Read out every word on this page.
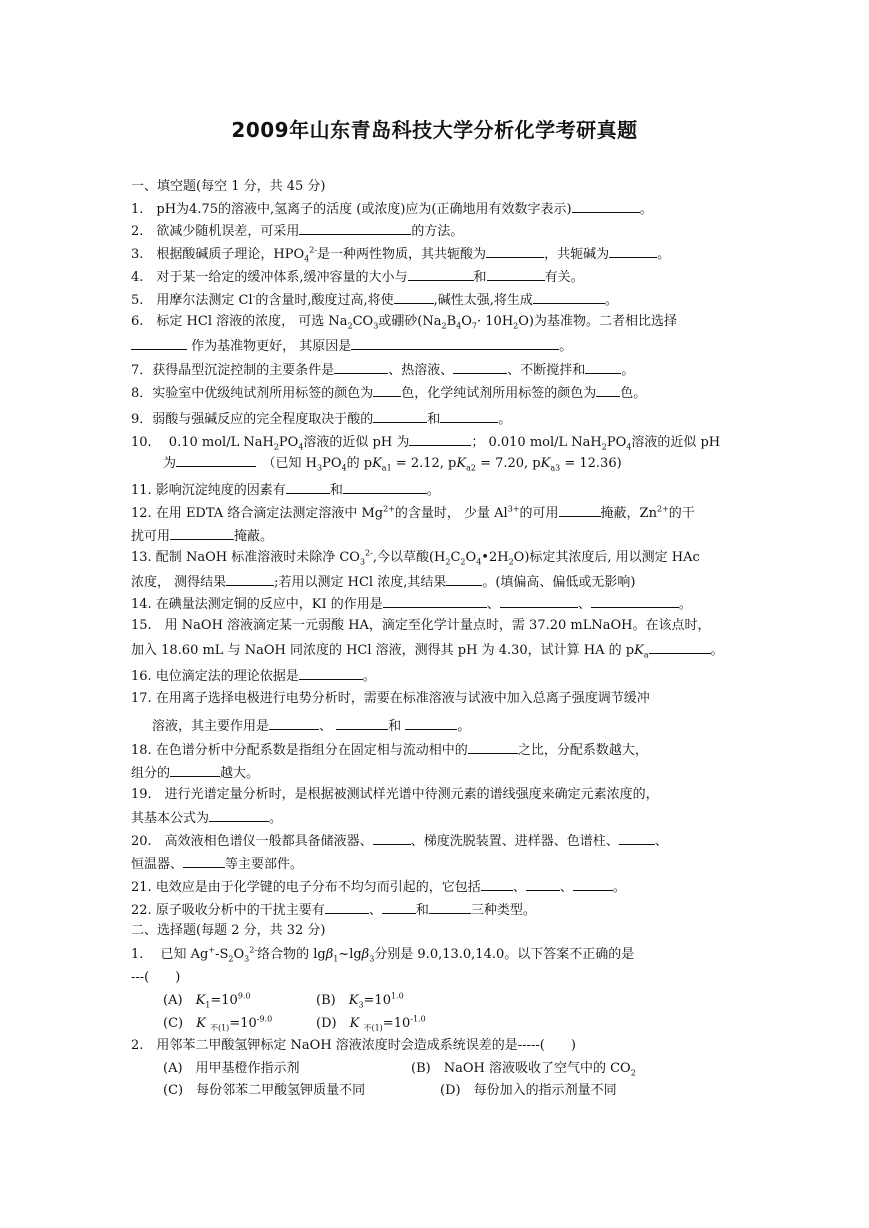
2009年山东青岛科技大学分析化学考研真题
一、填空题(每空 1 分，共 45 分)
1.　pH为4.75的溶液中,氢离子的活度 (或浓度)应为(正确地用有效数字表示)	。
2.　欲减少随机误差，可采用	的方法。
3.　根据酸碱质子理论，$HPO_4^{2-}$是一种两性物质，其共轭酸为	，共轭碱为	。
4.　对于某一给定的缓冲体系,缓冲容量的大小与	和	有关。
5.　用摩尔法测定 Cl-的含量时,酸度过高,将使	,碱性太强,将生成	。
6.　标定 HCl 溶液的浓度， 可选 $Na_2CO_3$或硼砂$(Na_2B_4O_7\cdot 10H_2O)$为基准物。二者相比选择
作为基准物更好， 其原因是	。
7．获得晶型沉淀控制的主要条件是	、热溶液、	、不断搅拌和	。
8．实验室中优级纯试剂所用标签的颜色为 色，化学纯试剂所用标签的颜色为 色。
9．弱酸与强碱反应的完全程度取决于酸的	和	。
10.　 0.10 mol/L $NaH_2PO_4$溶液的近似 pH 为	； 0.010 mol/L $NaH_2PO_4$溶液的近似 pH
为　	（已知 $H_3PO_4$的 $pK_{a1} = 2.12$, $pK_{a2} = 7.20$, $pK_{a3} = 12.36$)
11. 影响沉淀纯度的因素有	和	。
12. 在用 EDTA 络合滴定法测定溶液中 $Mg^{2+}$的含量时， 少量 $Al^{3+}$的可用	掩蔽，$Zn^{2+}$的干
扰可用	掩蔽。
13. 配制 NaOH 标准溶液时未除净 $CO_3^{2-}$,今以草酸$(H_2C_2O_4•2H_2O)$标定其浓度后, 用以测定 HAc
浓度， 测得结果	;若用以测定 HCl 浓度,其结果	。(填偏高、偏低或无影响)
14. 在碘量法测定铜的反应中，KI 的作用是	、	、	。
15.　用 NaOH 溶液滴定某一元弱酸 HA，滴定至化学计量点时，需 37.20 mLNaOH。在该点时，
加入 18.60 mL 与 NaOH 同浓度的 HCl 溶液，测得其 pH 为 4.30，试计算 HA 的 $pK_a$	。
16. 电位滴定法的理论依据是	。
17. 在用离子选择电极进行电势分析时，需要在标准溶液与试液中加入总离子强度调节缓冲
溶液，其主要作用是	、	和	。
18. 在色谱分析中分配系数是指组分在固定相与流动相中的	之比，分配系数越大，
组分的	越大。
19.　进行光谱定量分析时，是根据被测试样光谱中待测元素的谱线强度来确定元素浓度的，
其基本公式为	。
20.　高效液相色谱仪一般都具备储液器、	、梯度洗脱装置、进样器、色谱柱、	、
恒温器、	等主要部件。
21. 电效应是由于化学键的电子分布不均匀而引起的，它包括 、	、	。
22. 原子吸收分析中的干扰主要有	、	和	三种类型。
二、选择题(每题 2 分，共 32 分)
1.　 已知 $Ag^+-S_2O_3^{2-}$络合物的 lgβ$_1$~lgβ$_3$分别是 9.0,13.0,14.0。以下答案不正确的是
---(　　)
(A)　 $K_1=10^{9.0}$	(B)　 $K_3=10^{1.0}$
(C)　 K $_{不(1)}=10^{-9.0}$	(D)　 K $_{不(1)}=10^{-1.0}$
2.　用邻苯二甲酸氢钾标定 NaOH 溶液浓度时会造成系统误差的是-----(　　)
(A)　用甲基橙作指示剂	(B)　NaOH 溶液吸收了空气中的 $CO_2$
(C)　每份邻苯二甲酸氢钾质量不同	(D)　每份加入的指示剂量不同
